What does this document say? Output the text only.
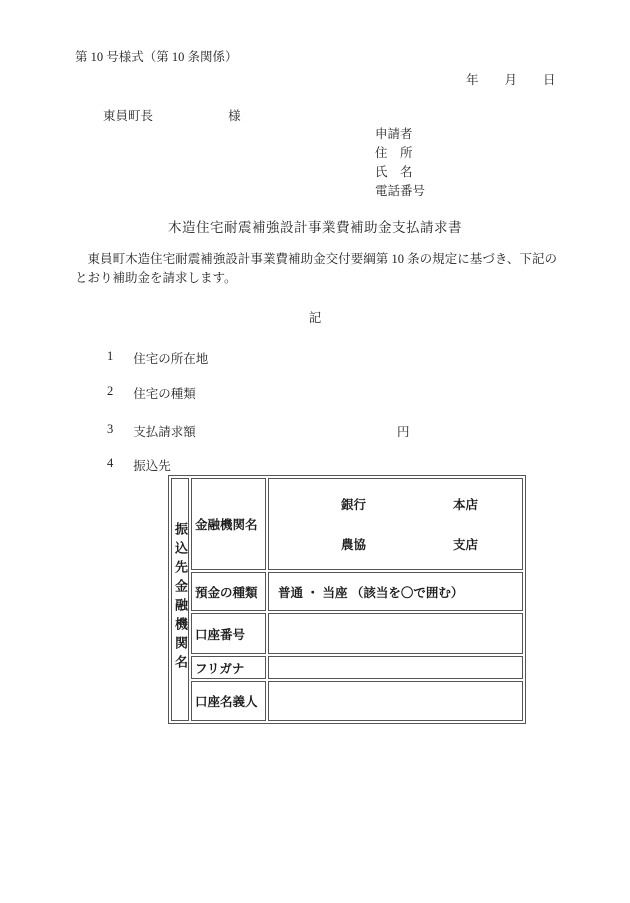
第 10 号様式（第 10 条関係）
年 月 日
東員町長	様
申請者
住　所
氏　名
電話番号
木造住宅耐震補強設計事業費補助金支払請求書

東員町木造住宅耐震補強設計事業費補助金交付要綱第 10 条の規定に基づき、下記のとおり補助金を請求します。

記
1 住宅の所在地
2 住宅の種類
3 支払請求額	円
4 振込先
振込先金融機関名	金融機関名	銀行 本店
農協 支店

	預金の種類	普通 ・ 当座 （該当を〇で囲む）
	口座番号	
	フリガナ	
	口座名義人	
